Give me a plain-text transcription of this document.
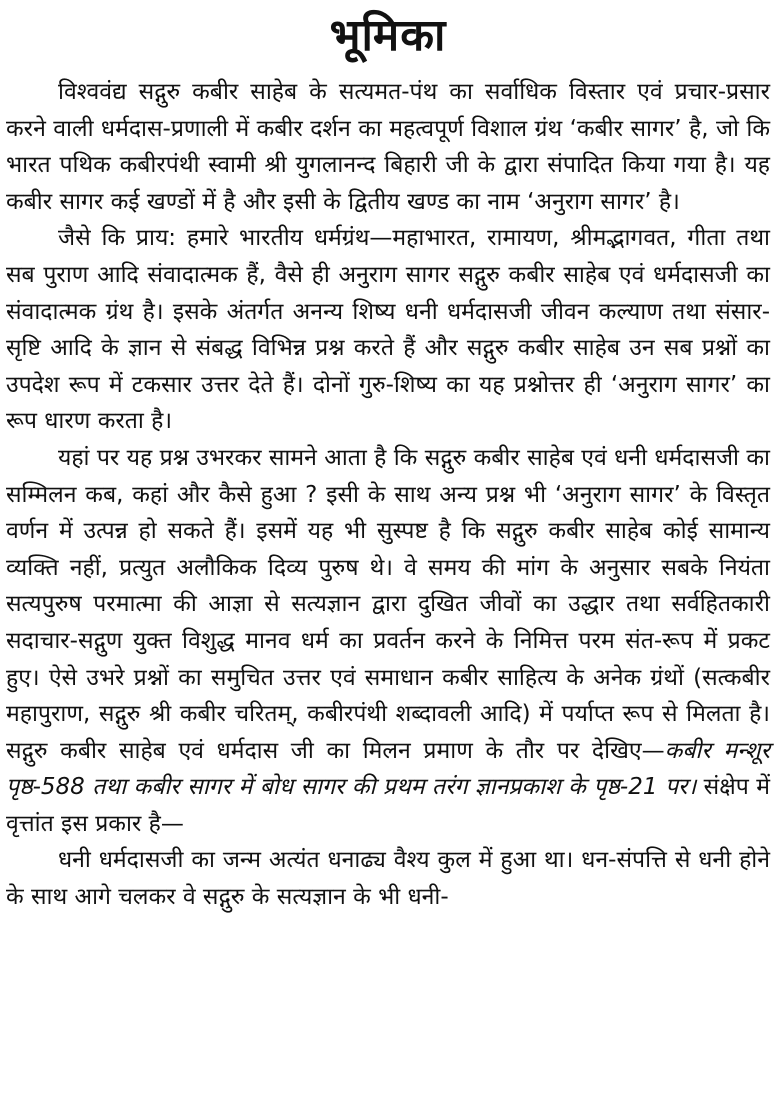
भूमिका

विश्ववंद्य सद्गुरु कबीर साहेब के सत्यमत-पंथ का सर्वाधिक विस्तार एवं प्रचार-प्रसार करने वाली धर्मदास-प्रणाली में कबीर दर्शन का महत्वपूर्ण विशाल ग्रंथ ‘कबीर सागर’ है, जो कि भारत पथिक कबीरपंथी स्वामी श्री युगलानन्द बिहारी जी के द्वारा संपादित किया गया है। यह कबीर सागर कई खण्डों में है और इसी के द्वितीय खण्ड का नाम ‘अनुराग सागर’ है।

जैसे कि प्राय: हमारे भारतीय धर्मग्रंथ—महाभारत, रामायण, श्रीमद्भागवत, गीता तथा सब पुराण आदि संवादात्मक हैं, वैसे ही अनुराग सागर सद्गुरु कबीर साहेब एवं धर्मदासजी का संवादात्मक ग्रंथ है। इसके अंतर्गत अनन्य शिष्य धनी धर्मदासजी जीवन कल्याण तथा संसार-सृष्टि आदि के ज्ञान से संबद्ध विभिन्न प्रश्न करते हैं और सद्गुरु कबीर साहेब उन सब प्रश्नों का उपदेश रूप में टकसार उत्तर देते हैं। दोनों गुरु-शिष्य का यह प्रश्नोत्तर ही ‘अनुराग सागर’ का रूप धारण करता है।

यहां पर यह प्रश्न उभरकर सामने आता है कि सद्गुरु कबीर साहेब एवं धनी धर्मदासजी का सम्मिलन कब, कहां और कैसे हुआ ? इसी के साथ अन्य प्रश्न भी ‘अनुराग सागर’ के विस्तृत वर्णन में उत्पन्न हो सकते हैं। इसमें यह भी सुस्पष्ट है कि सद्गुरु कबीर साहेब कोई सामान्य व्यक्ति नहीं, प्रत्युत अलौकिक दिव्य पुरुष थे। वे समय की मांग के अनुसार सबके नियंता सत्यपुरुष परमात्मा की आज्ञा से सत्यज्ञान द्वारा दुखित जीवों का उद्धार तथा सर्वहितकारी सदाचार-सद्गुण युक्त विशुद्ध मानव धर्म का प्रवर्तन करने के निमित्त परम संत-रूप में प्रकट हुए। ऐसे उभरे प्रश्नों का समुचित उत्तर एवं समाधान कबीर साहित्य के अनेक ग्रंथों (सत्कबीर महापुराण, सद्गुरु श्री कबीर चरितम्, कबीरपंथी शब्दावली आदि) में पर्याप्त रूप से मिलता है। सद्गुरु कबीर साहेब एवं धर्मदास जी का मिलन प्रमाण के तौर पर देखिए—कबीर मन्शूर पृष्ठ-588 तथा कबीर सागर में बोध सागर की प्रथम तरंग ज्ञानप्रकाश के पृष्ठ-21 पर। संक्षेप में वृत्तांत इस प्रकार है—

धनी धर्मदासजी का जन्म अत्यंत धनाढ्य वैश्य कुल में हुआ था। धन-संपत्ति से धनी होने के साथ आगे चलकर वे सद्गुरु के सत्यज्ञान के भी धनी-
